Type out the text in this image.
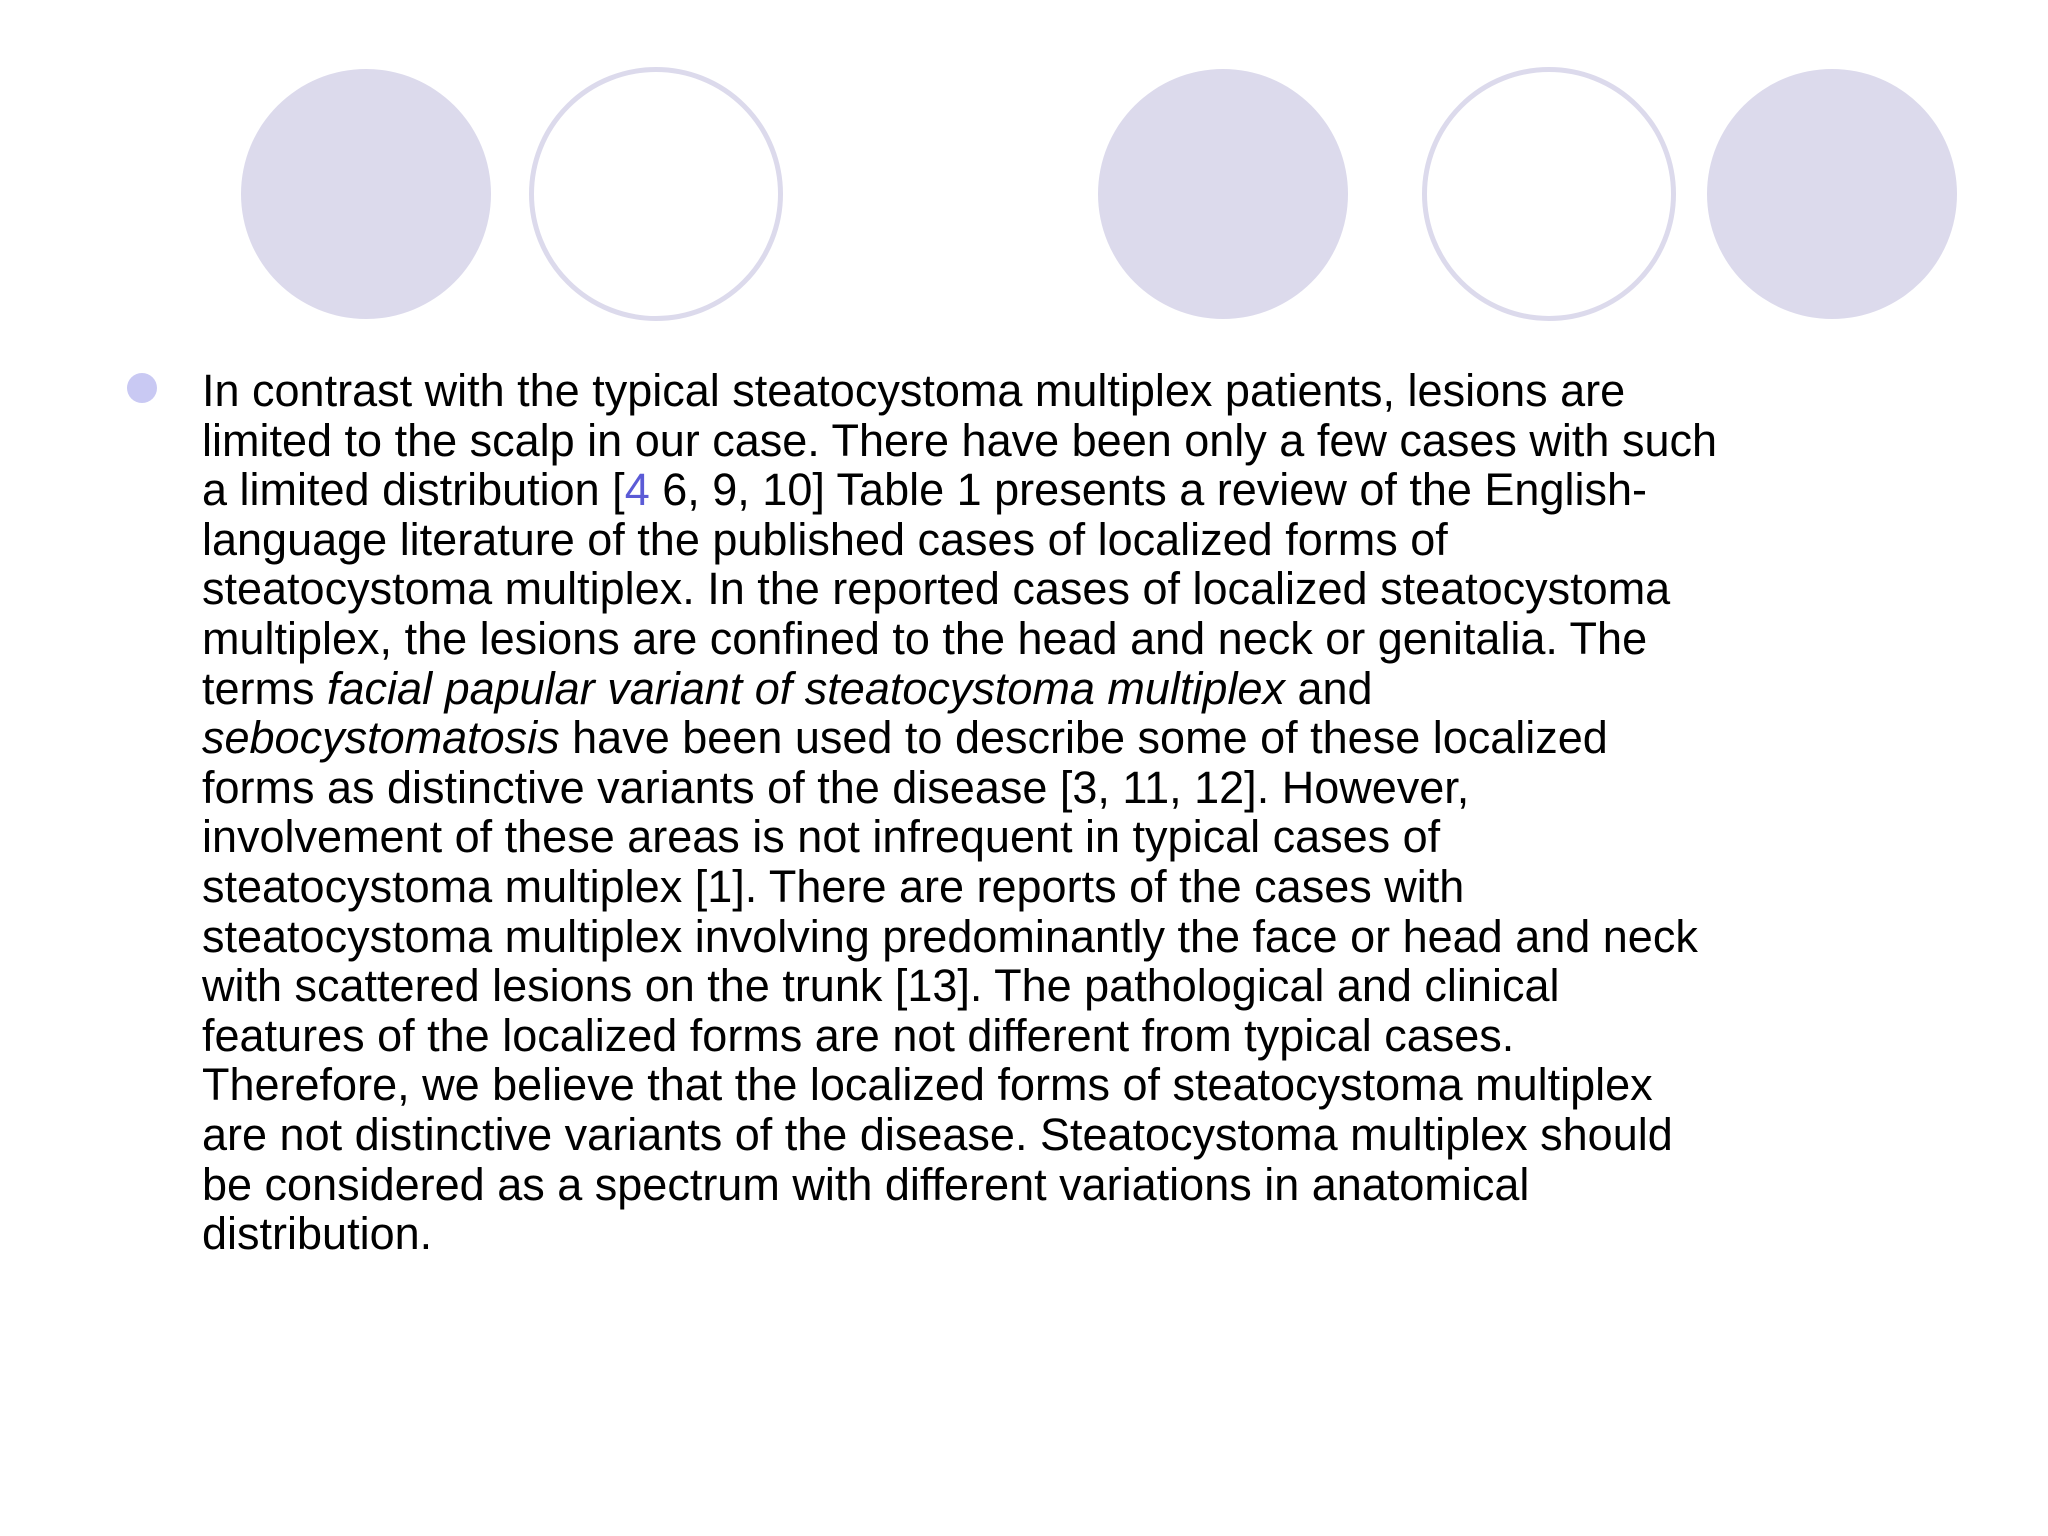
In contrast with the typical steatocystoma multiplex patients, lesions are
limited to the scalp in our case. There have been only a few cases with such
a limited distribution [4 6, 9, 10] Table 1 presents a review of the English-
language literature of the published cases of localized forms of
steatocystoma multiplex. In the reported cases of localized steatocystoma
multiplex, the lesions are confined to the head and neck or genitalia. The
terms facial papular variant of steatocystoma multiplex and
sebocystomatosis have been used to describe some of these localized
forms as distinctive variants of the disease [3, 11, 12]. However,
involvement of these areas is not infrequent in typical cases of
steatocystoma multiplex [1]. There are reports of the cases with
steatocystoma multiplex involving predominantly the face or head and neck
with scattered lesions on the trunk [13]. The pathological and clinical
features of the localized forms are not different from typical cases.
Therefore, we believe that the localized forms of steatocystoma multiplex
are not distinctive variants of the disease. Steatocystoma multiplex should
be considered as a spectrum with different variations in anatomical
distribution.
